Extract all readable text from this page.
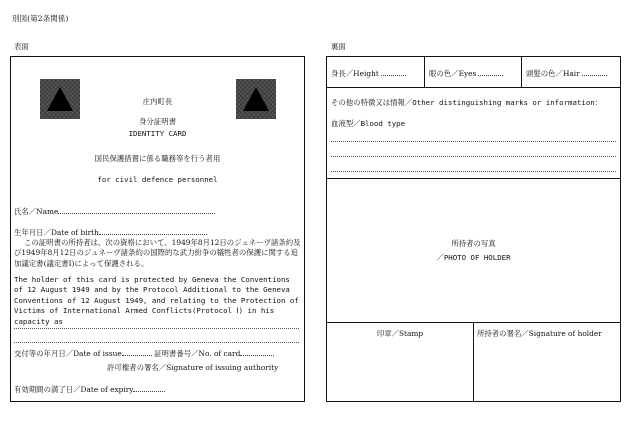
別図(第2条関係)
表面	裏面
庄内町長
身分証明書
IDENTITY CARD
国民保護措置に係る職務等を行う者用
for civil defence personnel
氏名／Name
生年月日／Date of birth
この証明書の所持者は、次の資格において、1949年8月12日のジュネーヴ諸条約及び1949年8月12日のジュネーヴ諸条約の国際的な武力紛争の犠牲者の保護に関する追加議定書(議定書Ⅰ)によって保護される。
The holder of this card is protected by Geneva the Conventions of 12 August 1949 and by the Protocol Additional to the Geneva Conventions of 12 August 1949, and relating to the Protection of Victims of International Armed Conflicts(Protocol Ⅰ) in his capacity as
交付等の年月日／Date of issue	証明書番号／No. of card
許可権者の署名／Signature of issuing authority
有効期間の満了日／Date of expiry
身長／Height	眼の色／Eyes	頭髪の色／Hair
その他の特徴又は情報／Other distinguishing marks or information：
血液型／Blood type
所持者の写真
／PHOTO OF HOLDER
印章／Stamp	所持者の署名／Signature of holder
